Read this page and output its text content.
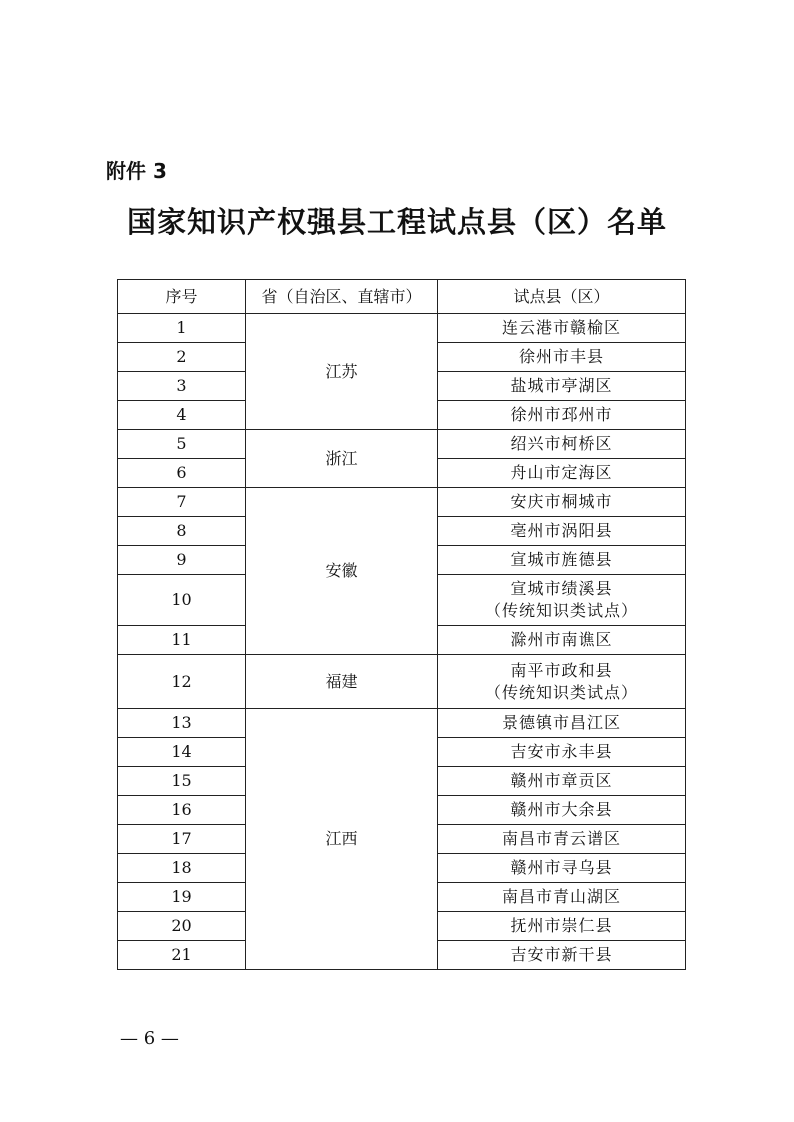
附件 3
国家知识产权强县工程试点县（区）名单
序号	省（自治区、直辖市）	试点县（区）
1	江苏	连云港市赣榆区
2		徐州市丰县
3		盐城市亭湖区
4		徐州市邳州市
5	浙江	绍兴市柯桥区
6		舟山市定海区
7	安徽	安庆市桐城市
8		亳州市涡阳县
9		宣城市旌德县
10		宣城市绩溪县
（传统知识类试点）

11		滁州市南谯区
12	福建	南平市政和县
（传统知识类试点）

13	江西	景德镇市昌江区
14		吉安市永丰县
15		赣州市章贡区
16		赣州市大余县
17		南昌市青云谱区
18		赣州市寻乌县
19		南昌市青山湖区
20		抚州市崇仁县
21		吉安市新干县
— 6 —
